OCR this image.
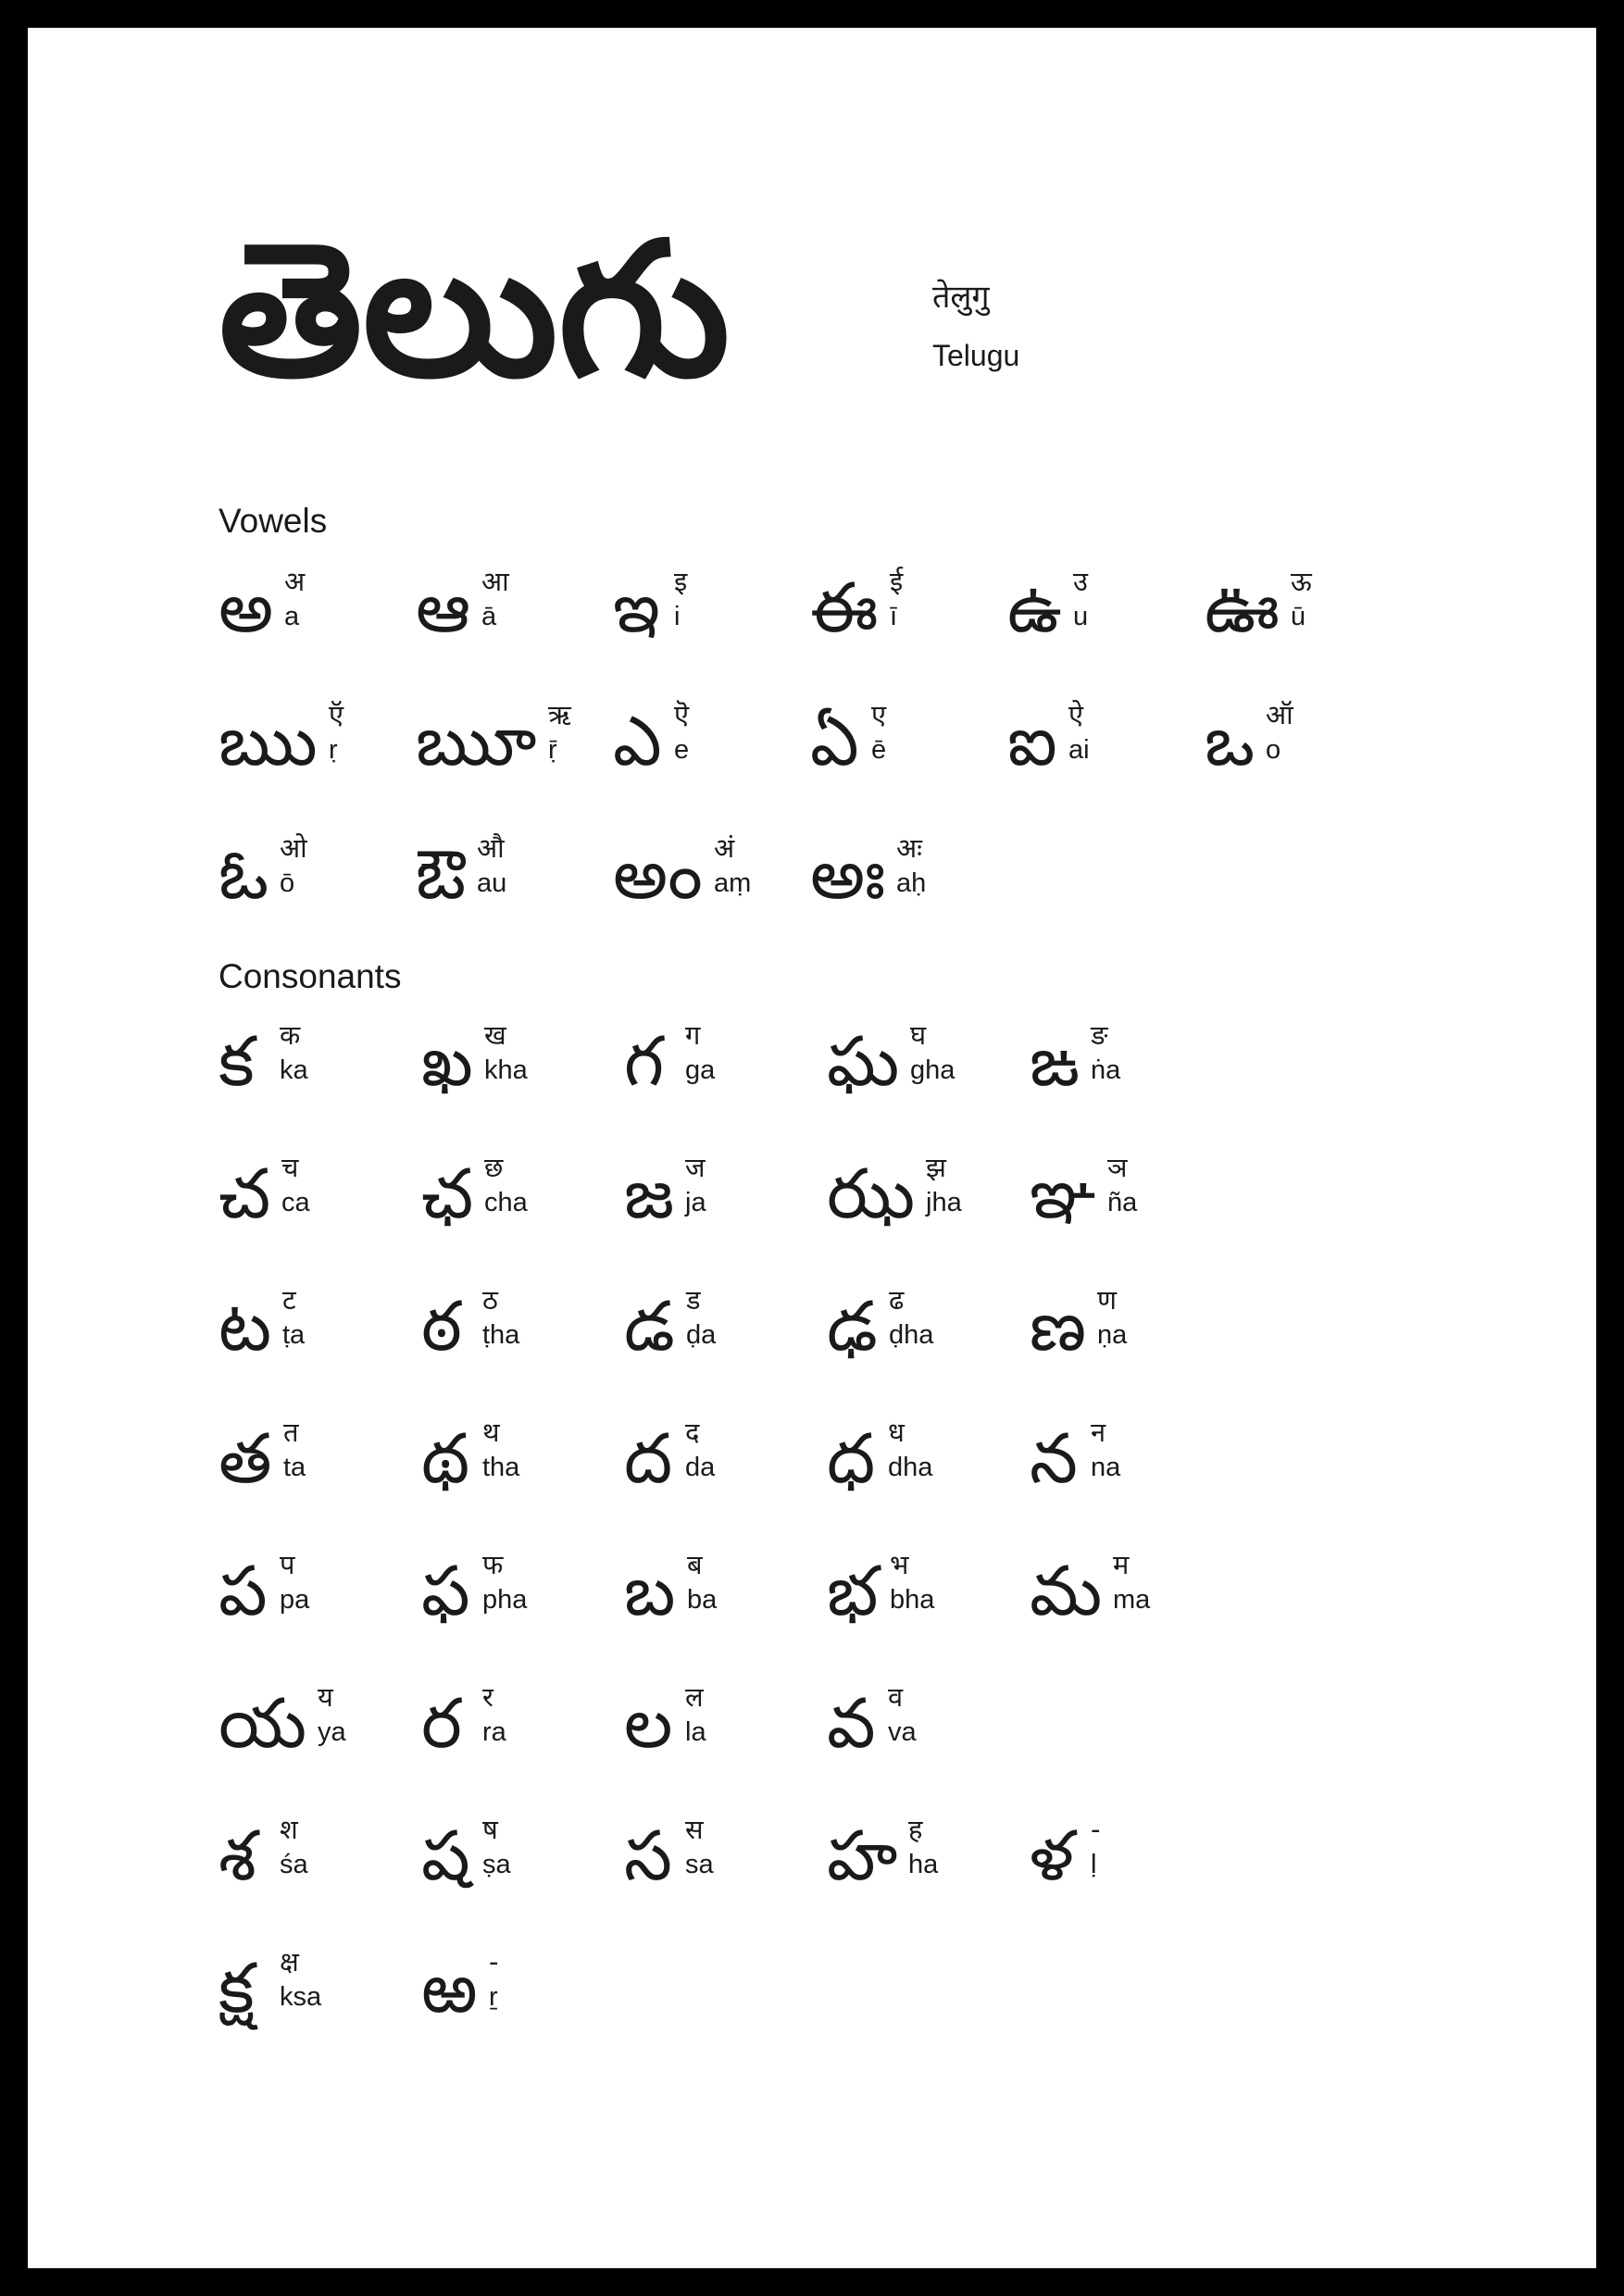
తెలుగు	तेलुगु
Telugu
Vowels
అ अ
a ఆ आ
ā ఇ इ
i ఈ ई
ī ఉ उ
u ఊ ऊ
ū
ఋ ऍ
ṛ ౠ ऋ
ṝ ఎ ऎ
e ఏ ए
ē ఐ ऐ
ai ఒ ऑ
o
ఓ ओ
ō ఔ औ
au అం अं
aṃ అః अः
aḥ
Consonants
క क
ka ఖ ख
kha గ ग
ga ఘ घ
gha ఙ ङ
ṅa
చ च
ca ఛ छ
cha జ ज
ja ఝ झ
jha ఞ ञ
ña
ట ट
ṭa ఠ ठ
ṭha డ ड
ḍa ఢ ढ
ḍha ణ ण
ṇa
త त
ta థ थ
tha ద द
da ధ ध
dha న न
na
ప प
pa ఫ फ
pha బ ब
ba భ भ
bha మ म
ma
య य
ya ర र
ra ల ल
la వ व
va
శ श
śa ష ष
ṣa స स
sa హ ह
ha ళ -
ḷ
క్ష क्ष
ksa ఱ -
ṟ
